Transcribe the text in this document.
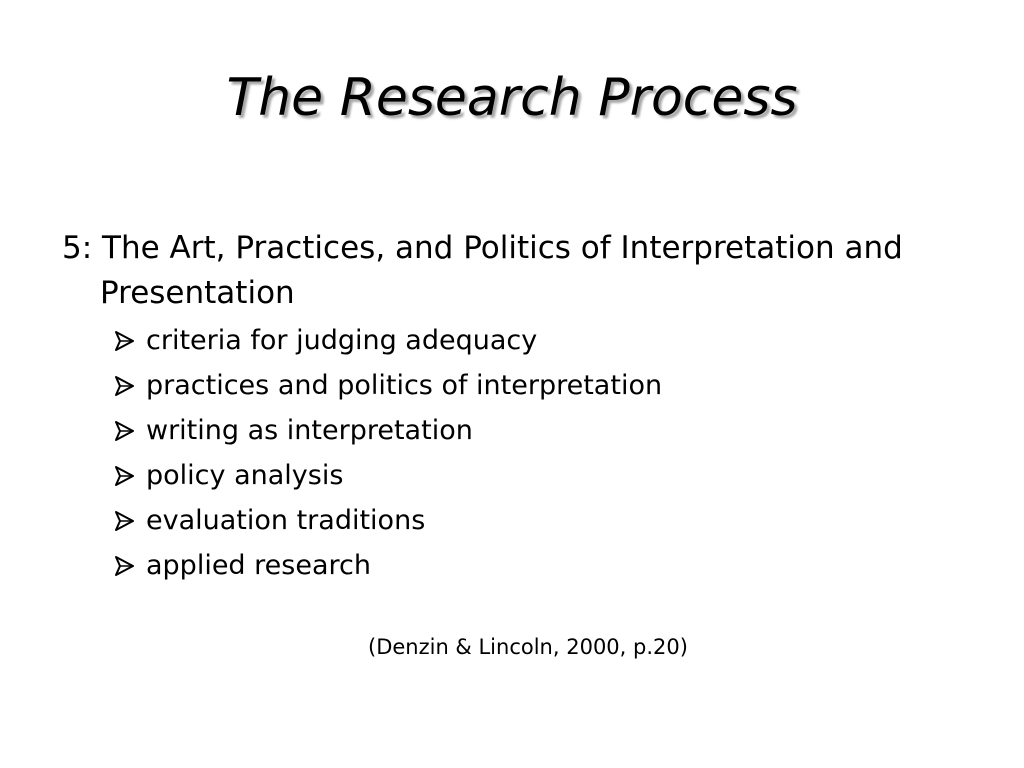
The Research Process
5: The Art, Practices, and Politics of Interpretation and Presentation
criteria for judging adequacy
practices and politics of interpretation
writing as interpretation
policy analysis
evaluation traditions
applied research
(Denzin & Lincoln, 2000, p.20)
